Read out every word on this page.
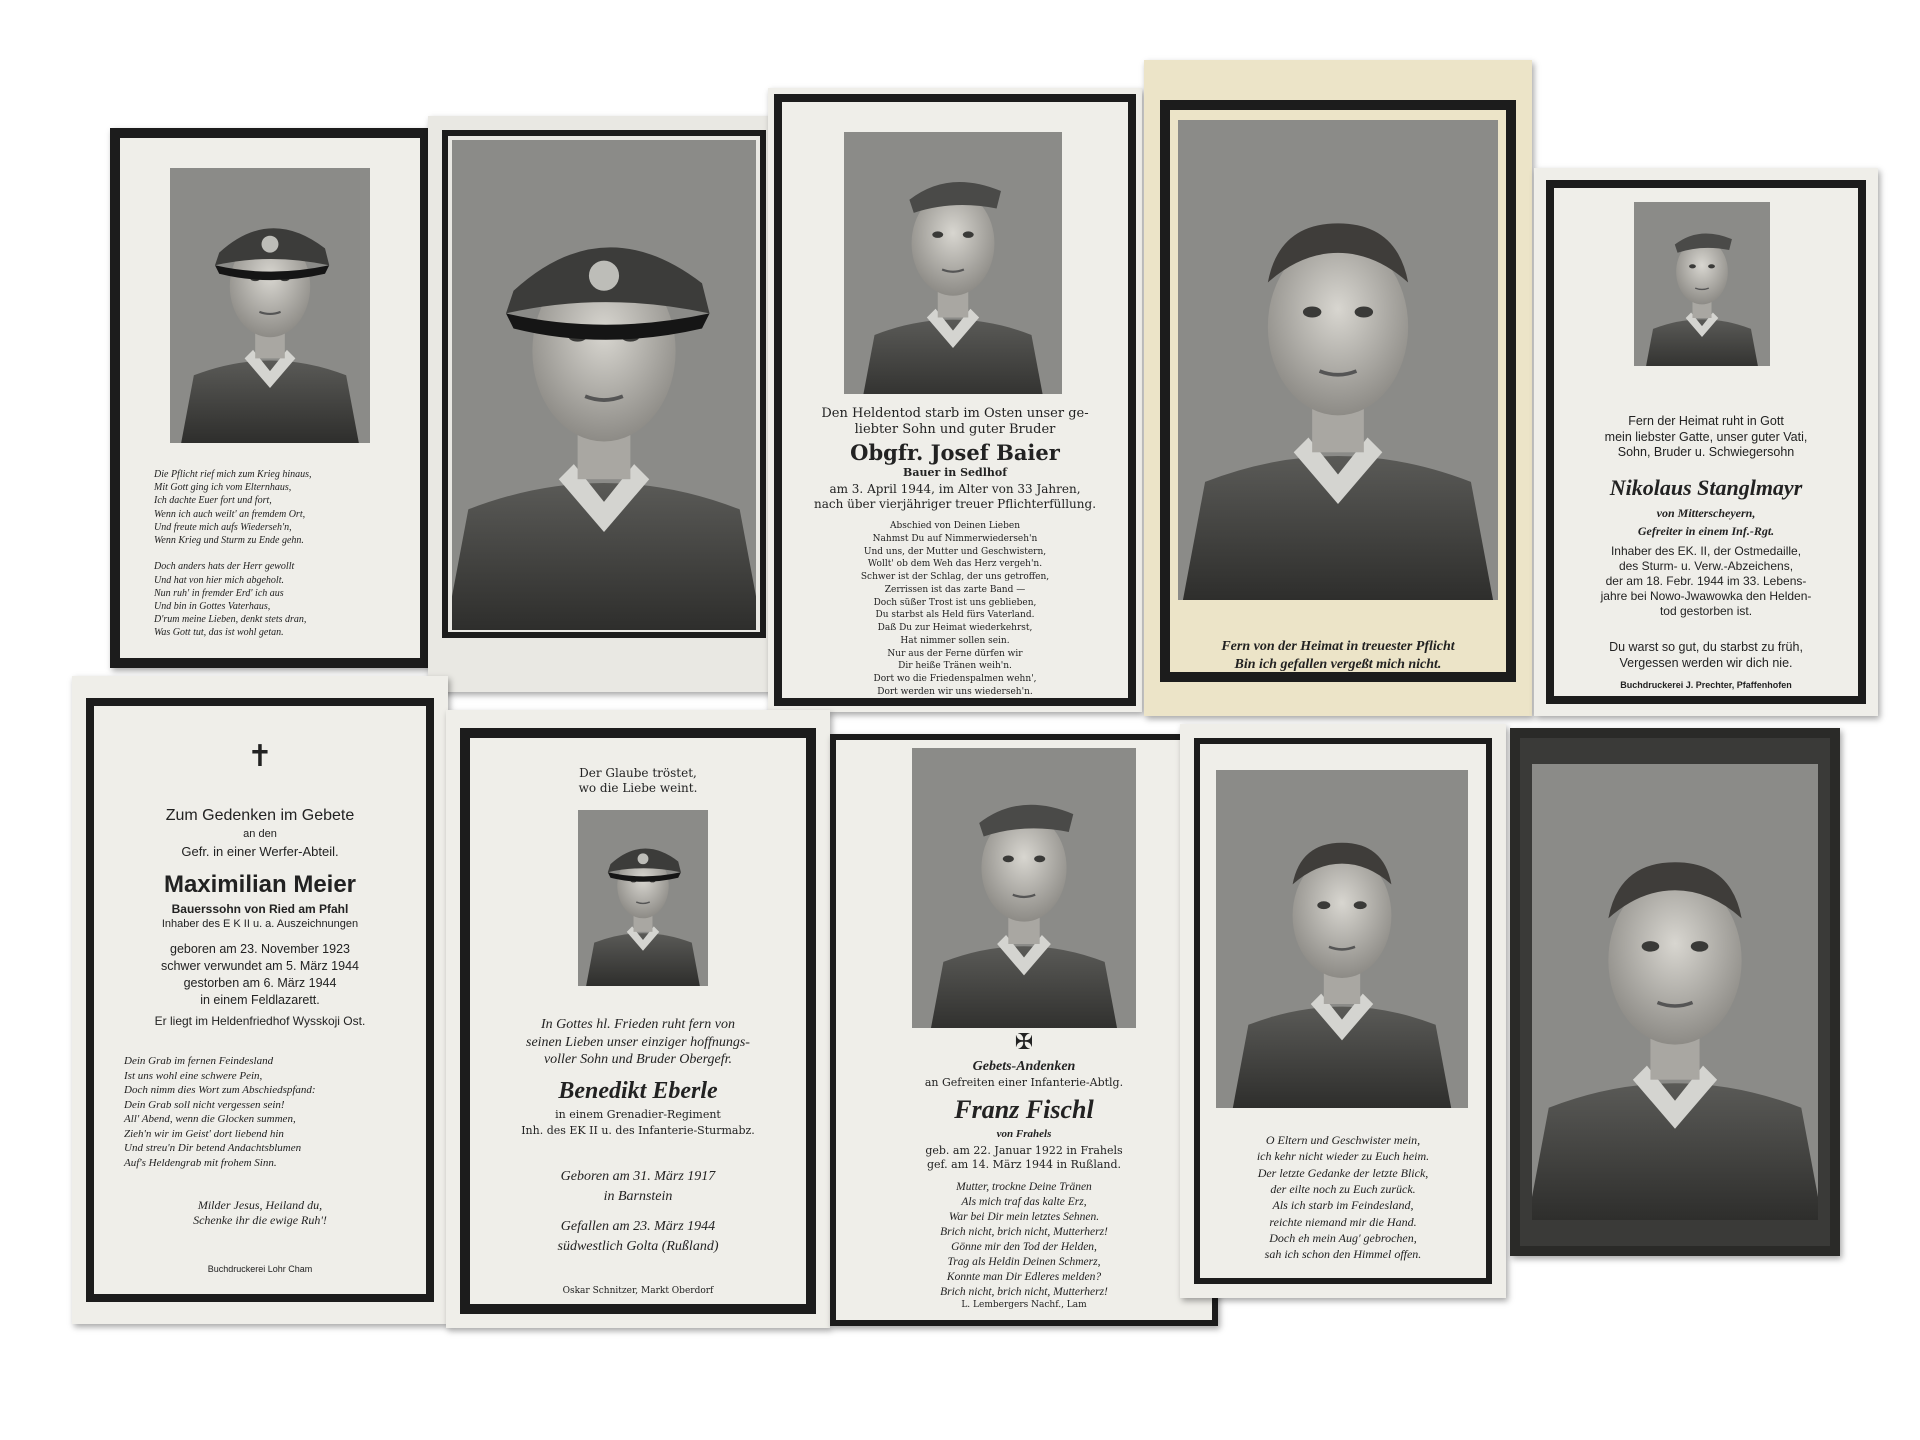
Die Pflicht rief mich zum Krieg hinaus,
Mit Gott ging ich vom Elternhaus,
Ich dachte Euer fort und fort,
Wenn ich auch weilt' an fremdem Ort,
Und freute mich aufs Wiederseh'n,
Wenn Krieg und Sturm zu Ende gehn.

Doch anders hats der Herr gewollt
Und hat von hier mich abgeholt.
Nun ruh' in fremder Erd' ich aus
Und bin in Gottes Vaterhaus,
D'rum meine Lieben, denkt stets dran,
Was Gott tut, das ist wohl getan.
Den Heldentod starb im Osten unser ge-
liebter Sohn und guter Bruder
Obgfr. Josef Baier
Bauer in Sedlhof
am 3. April 1944, im Alter von 33 Jahren,
nach über vierjähriger treuer Pflichterfüllung.
Abschied von Deinen Lieben
Nahmst Du auf Nimmerwiederseh'n
Und uns, der Mutter und Geschwistern,
Wollt' ob dem Weh das Herz vergeh'n.
Schwer ist der Schlag, der uns getroffen,
Zerrissen ist das zarte Band —
Doch süßer Trost ist uns geblieben,
Du starbst als Held fürs Vaterland.
Daß Du zur Heimat wiederkehrst,
Hat nimmer sollen sein.
Nur aus der Ferne dürfen wir
Dir heiße Tränen weih'n.
Dort wo die Friedenspalmen wehn',
Dort werden wir uns wiederseh'n.
Fern von der Heimat in treuester Pflicht
Bin ich gefallen vergeßt mich nicht.
Fern der Heimat ruht in Gott
mein liebster Gatte, unser guter Vati,
Sohn, Bruder u. Schwiegersohn
Nikolaus Stanglmayr
von Mitterscheyern,
Gefreiter in einem Inf.-Rgt.
Inhaber des EK. II, der Ostmedaille,
des Sturm- u. Verw.-Abzeichens,
der am 18. Febr. 1944 im 33. Lebens-
jahre bei Nowo-Jwawowka den Helden-
tod gestorben ist.
Du warst so gut, du starbst zu früh,
Vergessen werden wir dich nie.
Buchdruckerei J. Prechter, Pfaffenhofen
✝
Zum Gedenken im Gebete
an den
Gefr. in einer Werfer-Abteil.
Maximilian Meier
Bauerssohn von Ried am Pfahl
Inhaber des E K II u. a. Auszeichnungen
geboren am 23. November 1923
schwer verwundet am 5. März 1944
gestorben am 6. März 1944
in einem Feldlazarett.
Er liegt im Heldenfriedhof Wysskoji Ost.
Dein Grab im fernen Feindesland
Ist uns wohl eine schwere Pein,
Doch nimm dies Wort zum Abschiedspfand:
Dein Grab soll nicht vergessen sein!
All' Abend, wenn die Glocken summen,
Zieh'n wir im Geist' dort liebend hin
Und streu'n Dir betend Andachtsblumen
Auf's Heldengrab mit frohem Sinn.
Milder Jesus, Heiland du,
Schenke ihr die ewige Ruh'!
Buchdruckerei Lohr Cham
Der Glaube tröstet,
wo die Liebe weint.
In Gottes hl. Frieden ruht fern von
seinen Lieben unser einziger hoffnungs-
voller Sohn und Bruder Obergefr.
Benedikt Eberle
in einem Grenadier-Regiment
Inh. des EK II u. des Infanterie-Sturmabz.
Geboren am 31. März 1917
in Barnstein
Gefallen am 23. März 1944
südwestlich Golta (Rußland)
Oskar Schnitzer, Markt Oberdorf
✠
Gebets-Andenken
an Gefreiten einer Infanterie-Abtlg.
Franz Fischl
von Frahels
geb. am 22. Januar 1922 in Frahels
gef. am 14. März 1944 in Rußland.
Mutter, trockne Deine Tränen
Als mich traf das kalte Erz,
War bei Dir mein letztes Sehnen.
Brich nicht, brich nicht, Mutterherz!
Gönne mir den Tod der Helden,
Trag als Heldin Deinen Schmerz,
Konnte man Dir Edleres melden?
Brich nicht, brich nicht, Mutterherz!
L. Lembergers Nachf., Lam
O Eltern und Geschwister mein,
ich kehr nicht wieder zu Euch heim.
Der letzte Gedanke der letzte Blick,
der eilte noch zu Euch zurück.
Als ich starb im Feindesland,
reichte niemand mir die Hand.
Doch eh mein Aug' gebrochen,
sah ich schon den Himmel offen.
